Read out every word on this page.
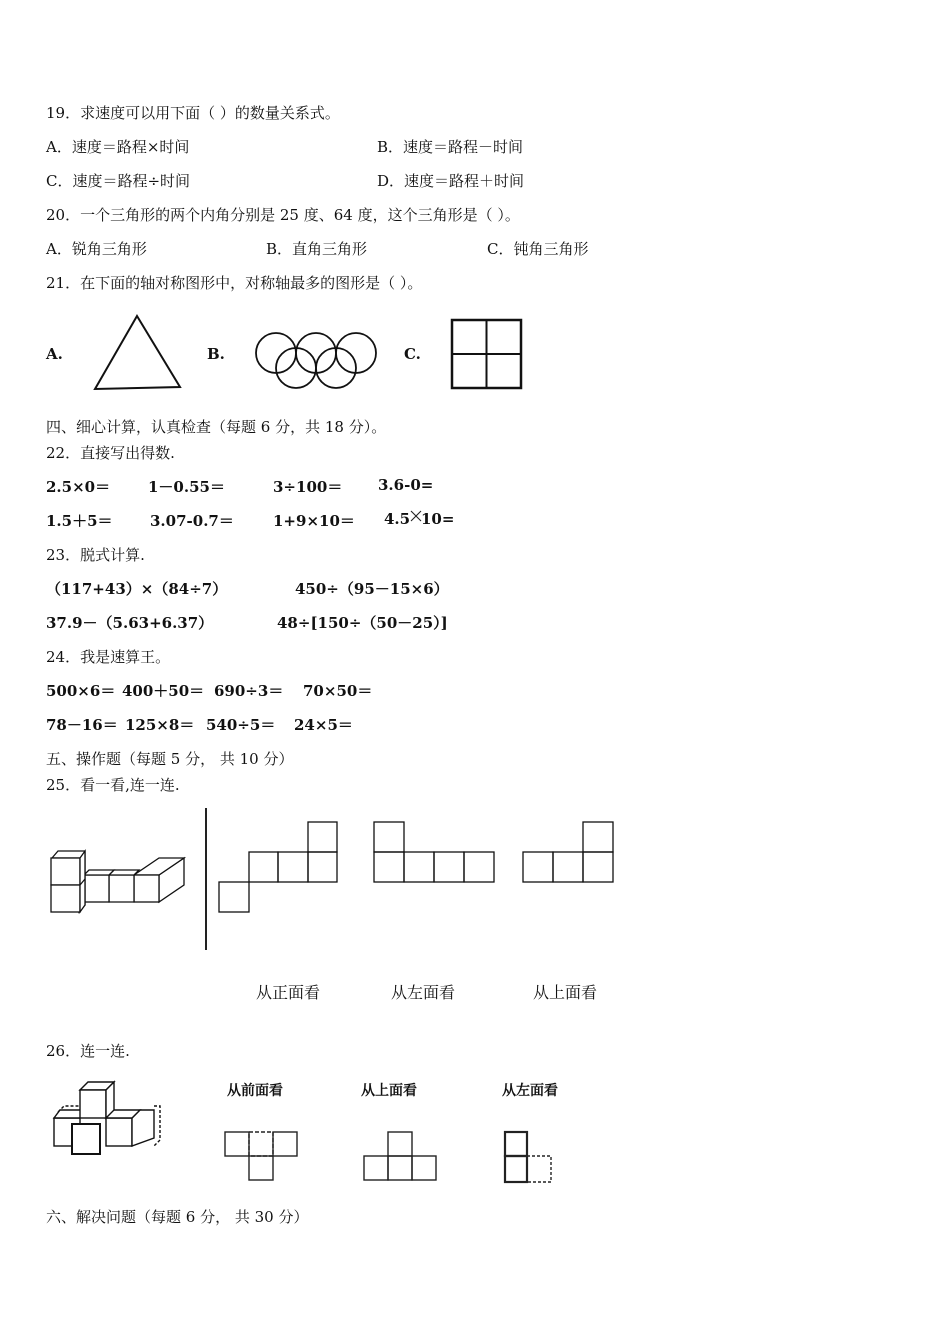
19．求速度可以用下面（ ）的数量关系式。
A．速度＝路程×时间	B．速度＝路程－时间
C．速度＝路程÷时间	D．速度＝路程＋时间
20．一个三角形的两个内角分别是 25 度、64 度，这个三角形是（ ）。
A．锐角三角形	B．直角三角形	C．钝角三角形
21．在下面的轴对称图形中，对称轴最多的图形是（ ）。
A.	B.	C.
四、细心计算，认真检查（每题 6 分，共 18 分）。
22．直接写出得数.
2.5×0＝	1－0.55＝	3÷100＝ 3.6-0=
1.5＋5＝ 3.07-0.7＝	1+9×10＝ 4.5 10=
23．脱式计算.
（117+43）×（84÷7）	450÷（95－15×6）
37.9－（5.63+6.37）	48÷[150÷（50－25）]
24．我是速算王。
500×6＝ 400＋50＝ 690÷3＝ 70×50＝
78－16＝ 125×8＝ 540÷5＝ 24×5＝
五、操作题（每题 5 分， 共 10 分）
25．看一看,连一连.
从正面看	从左面看	从上面看
26．连一连.
从前面看	从上面看	从左面看
六、解决问题（每题 6 分， 共 30 分）
